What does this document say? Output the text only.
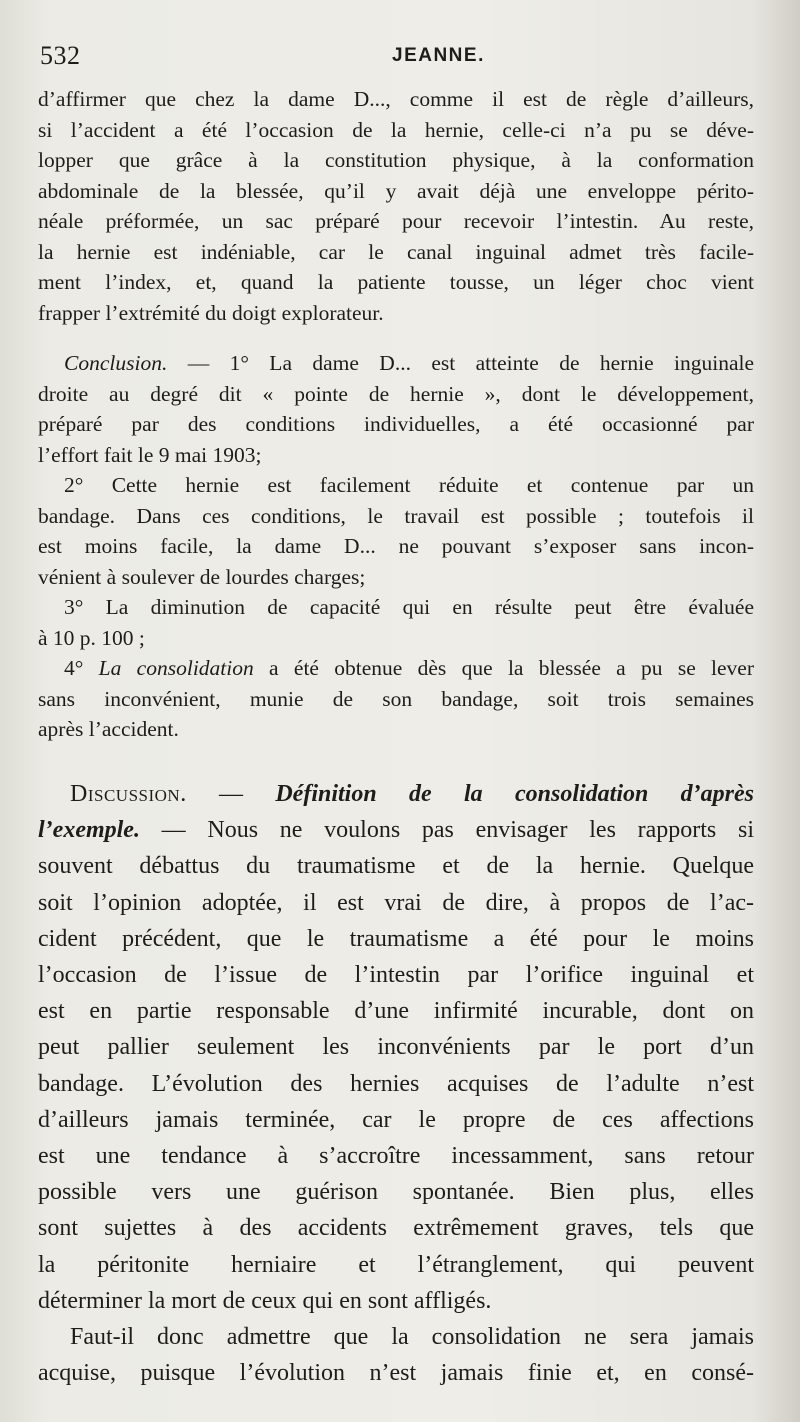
532	JEANNE.

d’affirmer que chez la dame D..., comme il est de règle d’ailleurs,

si l’accident a été l’occasion de la hernie, celle-ci n’a pu se déve-

lopper que grâce à la constitution physique, à la conformation

abdominale de la blessée, qu’il y avait déjà une enveloppe périto-

néale préformée, un sac préparé pour recevoir l’intestin. Au reste,

la hernie est indéniable, car le canal inguinal admet très facile-

ment l’index, et, quand la patiente tousse, un léger choc vient

frapper l’extrémité du doigt explorateur.

Conclusion. — 1° La dame D... est atteinte de hernie inguinale

droite au degré dit « pointe de hernie », dont le développement,

préparé par des conditions individuelles, a été occasionné par

l’effort fait le 9 mai 1903;

2° Cette hernie est facilement réduite et contenue par un

bandage. Dans ces conditions, le travail est possible ; toutefois il

est moins facile, la dame D... ne pouvant s’exposer sans incon-

vénient à soulever de lourdes charges;

3° La diminution de capacité qui en résulte peut être évaluée

à 10 p. 100 ;

4° La consolidation a été obtenue dès que la blessée a pu se lever

sans inconvénient, munie de son bandage, soit trois semaines

après l’accident.

Discussion. — Définition de la consolidation d’après

l’exemple. — Nous ne voulons pas envisager les rapports si

souvent débattus du traumatisme et de la hernie. Quelque

soit l’opinion adoptée, il est vrai de dire, à propos de l’ac-

cident précédent, que le traumatisme a été pour le moins

l’occasion de l’issue de l’intestin par l’orifice inguinal et

est en partie responsable d’une infirmité incurable, dont on

peut pallier seulement les inconvénients par le port d’un

bandage. L’évolution des hernies acquises de l’adulte n’est

d’ailleurs jamais terminée, car le propre de ces affections

est une tendance à s’accroître incessamment, sans retour

possible vers une guérison spontanée. Bien plus, elles

sont sujettes à des accidents extrêmement graves, tels que

la péritonite herniaire et l’étranglement, qui peuvent

déterminer la mort de ceux qui en sont affligés.

Faut-il donc admettre que la consolidation ne sera jamais

acquise, puisque l’évolution n’est jamais finie et, en consé-
